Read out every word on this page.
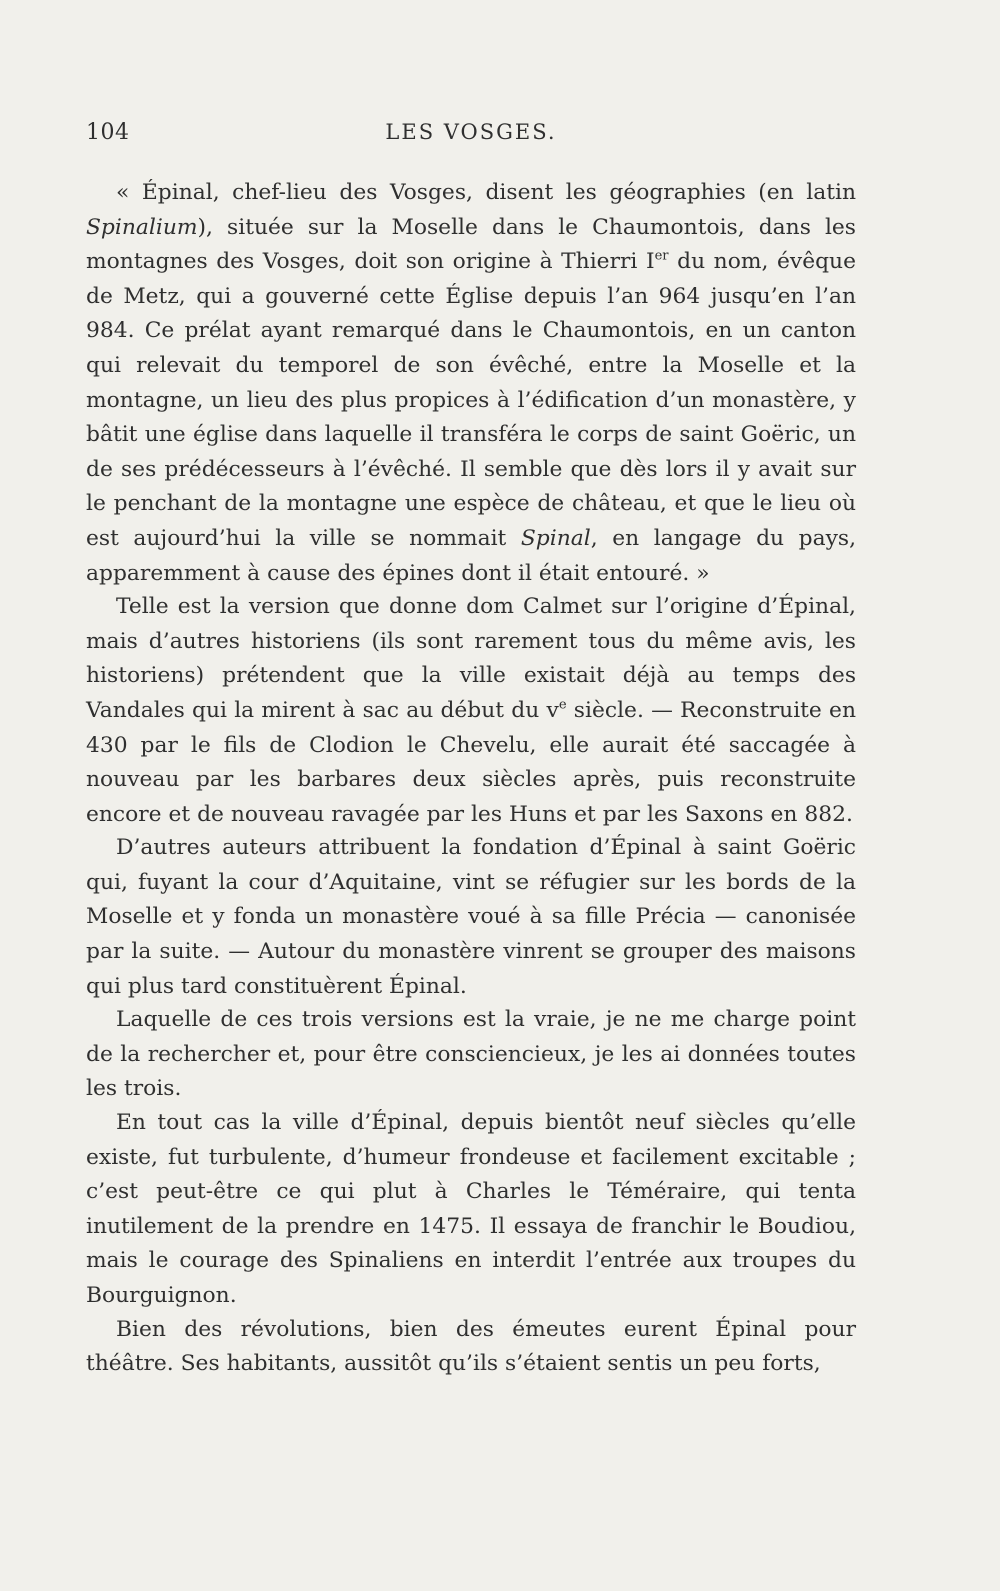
104	LES VOSGES.

« Épinal, chef-lieu des Vosges, disent les géographies (en latin Spinalium), située sur la Moselle dans le Chaumontois, dans les montagnes des Vosges, doit son origine à Thierri Ier du nom, évêque de Metz, qui a gouverné cette Église depuis l’an 964 jusqu’en l’an 984. Ce prélat ayant remarqué dans le Chaumontois, en un canton qui relevait du temporel de son évêché, entre la Moselle et la montagne, un lieu des plus propices à l’édification d’un monastère, y bâtit une église dans laquelle il transféra le corps de saint Goëric, un de ses prédécesseurs à l’évêché. Il semble que dès lors il y avait sur le penchant de la montagne une espèce de château, et que le lieu où est aujourd’hui la ville se nommait Spinal, en langage du pays, apparemment à cause des épines dont il était entouré. »

Telle est la version que donne dom Calmet sur l’origine d’Épinal, mais d’autres historiens (ils sont rarement tous du même avis, les historiens) prétendent que la ville existait déjà au temps des Vandales qui la mirent à sac au début du $v^e$ siècle. — Reconstruite en 430 par le fils de Clodion le Chevelu, elle aurait été saccagée à nouveau par les barbares deux siècles après, puis reconstruite encore et de nouveau ravagée par les Huns et par les Saxons en 882.

D’autres auteurs attribuent la fondation d’Épinal à saint Goëric qui, fuyant la cour d’Aquitaine, vint se réfugier sur les bords de la Moselle et y fonda un monastère voué à sa fille Précia — canonisée par la suite. — Autour du monastère vinrent se grouper des maisons qui plus tard constituèrent Épinal.

Laquelle de ces trois versions est la vraie, je ne me charge point de la rechercher et, pour être consciencieux, je les ai données toutes les trois.

En tout cas la ville d’Épinal, depuis bientôt neuf siècles qu’elle existe, fut turbulente, d’humeur frondeuse et facilement excitable ; c’est peut-être ce qui plut à Charles le Téméraire, qui tenta inutilement de la prendre en 1475. Il essaya de franchir le Boudiou, mais le courage des Spinaliens en interdit l’entrée aux troupes du Bourguignon.

Bien des révolutions, bien des émeutes eurent Épinal pour théâtre. Ses habitants, aussitôt qu’ils s’étaient sentis un peu forts,
